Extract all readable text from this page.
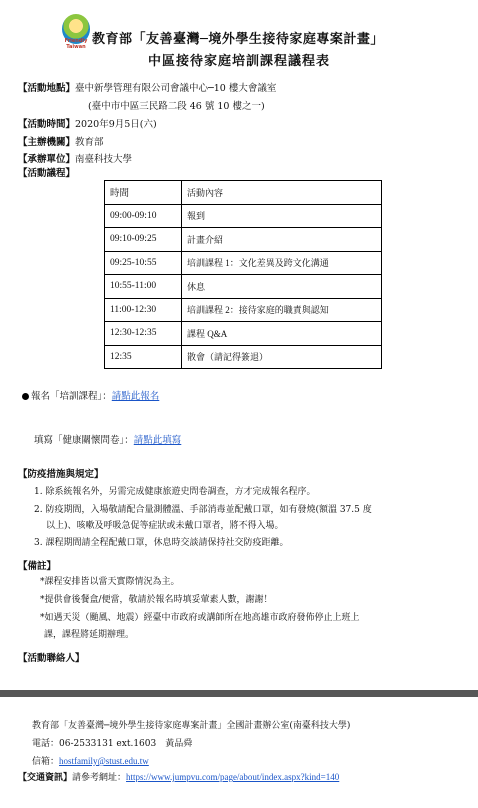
Friendly Taiwan 教育部「友善臺灣─境外學生接待家庭專案計畫」
中區接待家庭培訓課程議程表
【活動地點】臺中新學管理有限公司會議中心─10 樓大會議室
(臺中市中區三民路二段 46 號 10 樓之一)
【活動時間】2020年9月5日(六)
【主辦機關】教育部
【承辦單位】南臺科技大學
【活動議程】
時間	活動內容
09:00-09:10	報到
09:10-09:25	計畫介紹
09:25-10:55	培訓課程 1：文化差異及跨文化溝通
10:55-11:00	休息
11:00-12:30	培訓課程 2：接待家庭的職責與認知
12:30-12:35	課程 Q&A
12:35	散會（請記得簽退）
報名「培訓課程」：請點此報名
填寫「健康關懷問卷」：請點此填寫
【防疫措施與規定】
1. 除系統報名外，另需完成健康旅遊史問卷調查，方才完成報名程序。
2. 防疫期間，入場敬請配合量測體溫、手部消毒並配戴口罩，如有發燒(額溫 37.5 度
以上)、咳嗽及呼吸急促等症狀或未戴口罩者，將不得入場。
3. 課程期間請全程配戴口罩，休息時交談請保持社交防疫距離。
【備註】
*課程安排皆以當天實際情況為主。
*提供會後餐盒/便當，敬請於報名時填妥葷素人數，謝謝！
*如遇天災（颱風、地震）經臺中市政府或講師所在地高雄市政府發佈停止上班上
課，課程將延期辦理。
【活動聯絡人】
教育部「友善臺灣─境外學生接待家庭專案計畫」全國計畫辦公室(南臺科技大學)
電話：06-2533131 ext.1603　黃品舜
信箱：hostfamily@stust.edu.tw
【交通資訊】請參考網址：https://www.jumpvu.com/page/about/index.aspx?kind=140
